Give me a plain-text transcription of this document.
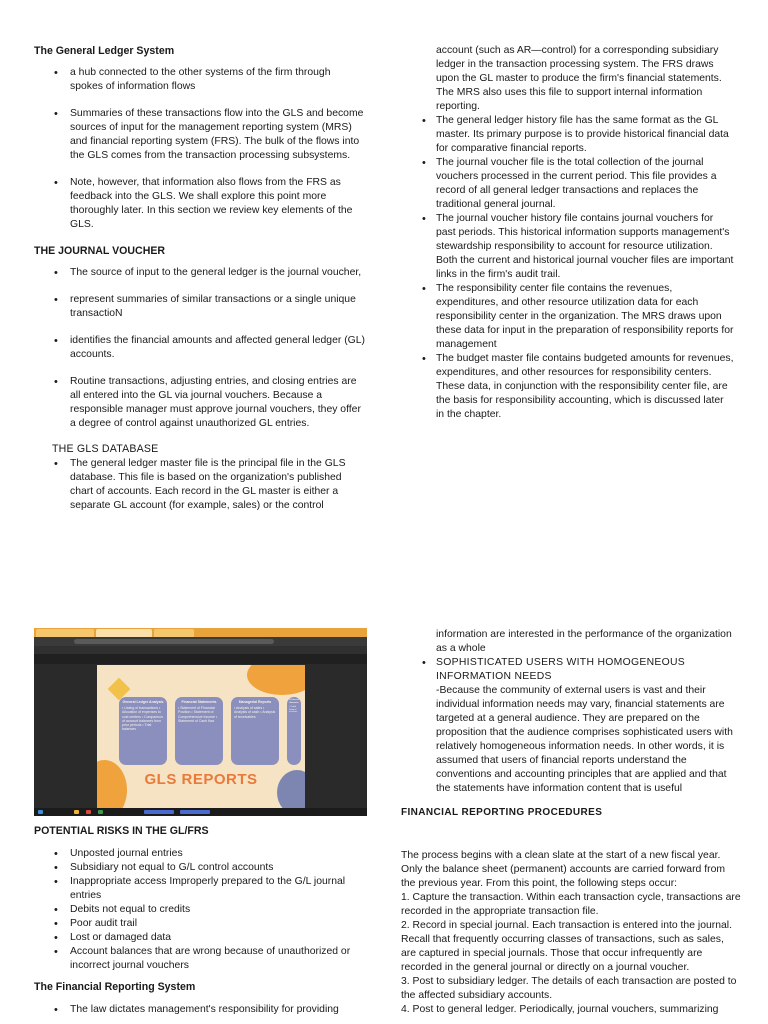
The General Ledger System
• a hub connected to the other systems of the firm through spokes of information flows
• Summaries of these transactions flow into the GLS and become sources of input for the management reporting system (MRS) and financial reporting system (FRS). The bulk of the flows into the GLS comes from the transaction processing subsystems.
• Note, however, that information also flows from the FRS as feedback into the GLS. We shall explore this point more thoroughly later. In this section we review key elements of the GLS.
THE JOURNAL VOUCHER
• The source of input to the general ledger is the journal voucher,
• represent summaries of similar transactions or a single unique transactioN
• identifies the financial amounts and affected general ledger (GL) accounts.
• Routine transactions, adjusting entries, and closing entries are all entered into the GL via journal vouchers. Because a responsible manager must approve journal vouchers, they offer a degree of control against unauthorized GL entries.
THE GLS DATABASE
• The general ledger master file is the principal file in the GLS database. This file is based on the organization's published chart of accounts. Each record in the GL master is either a separate GL account (for example, sales) or the control

account (such as AR—control) for a corresponding subsidiary ledger in the transaction processing system. The FRS draws upon the GL master to produce the firm's financial statements. The MRS also uses this file to support internal information reporting.

• The general ledger history file has the same format as the GL master. Its primary purpose is to provide historical financial data for comparative financial reports.
• The journal voucher file is the total collection of the journal vouchers processed in the current period. This file provides a record of all general ledger transactions and replaces the traditional general journal.
• The journal voucher history file contains journal vouchers for past periods. This historical information supports management's stewardship responsibility to account for resource utilization. Both the current and historical journal voucher files are important links in the firm's audit trail.
• The responsibility center file contains the revenues, expenditures, and other resource utilization data for each responsibility center in the organization. The MRS draws upon these data for input in the preparation of responsibility reports for management
• The budget master file contains budgeted amounts for revenues, expenditures, and other resources for responsibility centers. These data, in conjunction with the responsibility center file, are the basis for responsibility accounting, which is discussed later in the chapter.
General Ledger Analysis
• Listing of transactions • Allocation of expenses to cost centers • Comparison of account balances from prior periods • Trial balances
Financial Statements
• Statement of Financial Position • Statement of Comprehensive Income • Statement of Cash flow
Managerial Reports
• Analysis of sales • Analysis of cash • Analysis of receivables
G-Chart of Accounts
• Coded listing of accounts
GLS REPORTS
POTENTIAL RISKS IN THE GL/FRS
• Unposted journal entries
• Subsidiary not equal to G/L control accounts
• Inappropriate access Improperly prepared to the G/L journal entries
• Debits not equal to credits
• Poor audit trail
• Lost or damaged data
• Account balances that are wrong because of unauthorized or incorrect journal vouchers
The Financial Reporting System
• The law dictates management's responsibility for providing

information are interested in the performance of the organization as a whole

• SOPHISTICATED USERS WITH HOMOGENEOUS INFORMATION NEEDS

-Because the community of external users is vast and their individual information needs may vary, financial statements are targeted at a general audience. They are prepared on the proposition that the audience comprises sophisticated users with relatively homogeneous information needs. In other words, it is assumed that users of financial reports understand the conventions and accounting principles that are applied and that the statements have information content that is useful

FINANCIAL REPORTING PROCEDURES

The process begins with a clean slate at the start of a new fiscal year. Only the balance sheet (permanent) accounts are carried forward from the previous year. From this point, the following steps occur:

1. Capture the transaction. Within each transaction cycle, transactions are recorded in the appropriate transaction file.

2. Record in special journal. Each transaction is entered into the journal. Recall that frequently occurring classes of transactions, such as sales, are captured in special journals. Those that occur infrequently are recorded in the general journal or directly on a journal voucher.

3. Post to subsidiary ledger. The details of each transaction are posted to the affected subsidiary accounts.

4. Post to general ledger. Periodically, journal vouchers, summarizing
